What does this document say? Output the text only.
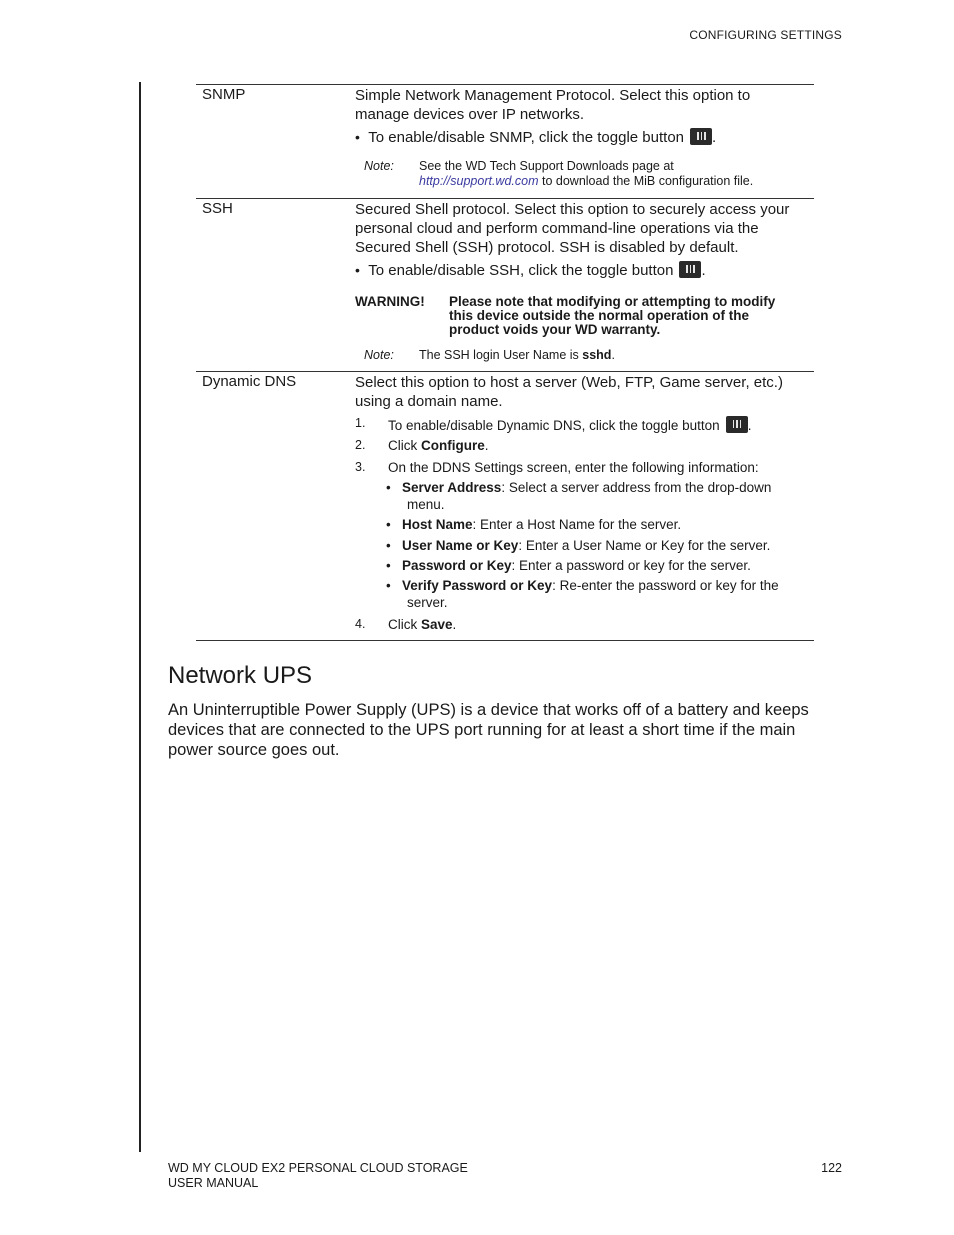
CONFIGURING SETTINGS
SNMP	Simple Network Management Protocol. Select this option to
manage devices over IP networks.
• To enable/disable SNMP, click the toggle button .
Note: See the WD Tech Support Downloads page at
http://support.wd.com to download the MiB configuration file.
SSH	Secured Shell protocol. Select this option to securely access your
personal cloud and perform command-line operations via the
Secured Shell (SSH) protocol. SSH is disabled by default.
• To enable/disable SSH, click the toggle button .
WARNING! Please note that modifying or attempting to modify
this device outside the normal operation of the
product voids your WD warranty.
Note: The SSH login User Name is sshd.
Dynamic DNS	Select this option to host a server (Web, FTP, Game server, etc.)
using a domain name.
1. To enable/disable Dynamic DNS, click the toggle button .
2. Click Configure.
3. On the DDNS Settings screen, enter the following information:
• Server Address: Select a server address from the drop-down
menu.
• Host Name: Enter a Host Name for the server.
• User Name or Key: Enter a User Name or Key for the server.
• Password or Key: Enter a password or key for the server.
• Verify Password or Key: Re-enter the password or key for the
server.
4. Click Save.
Network UPS
An Uninterruptible Power Supply (UPS) is a device that works off of a battery and keeps
devices that are connected to the UPS port running for at least a short time if the main
power source goes out.
WD MY CLOUD EX2 PERSONAL CLOUD STORAGE
USER MANUAL
122
